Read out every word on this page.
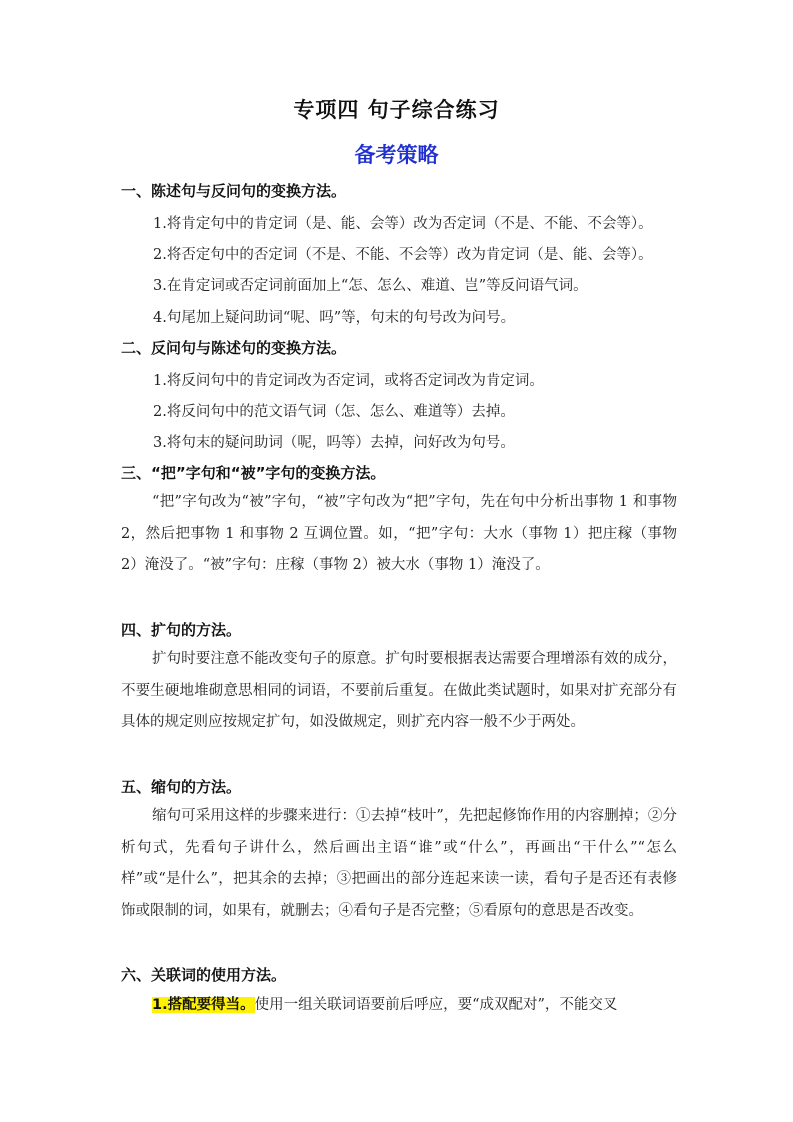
专项四 句子综合练习
备考策略
一、陈述句与反问句的变换方法。
1.将肯定句中的肯定词（是、能、会等）改为否定词（不是、不能、不会等）。
2.将否定句中的否定词（不是、不能、不会等）改为肯定词（是、能、会等）。
3.在肯定词或否定词前面加上“怎、怎么、难道、岂”等反问语气词。
4.句尾加上疑问助词“呢、吗”等，句末的句号改为问号。
二、反问句与陈述句的变换方法。
1.将反问句中的肯定词改为否定词，或将否定词改为肯定词。
2.将反问句中的范文语气词（怎、怎么、难道等）去掉。
3.将句末的疑问助词（呢，吗等）去掉，问好改为句号。
三、“把”字句和“被”字句的变换方法。
“把”字句改为“被”字句，“被”字句改为“把”字句，先在句中分析出事物 1 和事物 2，然后把事物 1 和事物 2 互调位置。如，“把”字句：大水（事物 1）把庄稼（事物 2）淹没了。“被”字句：庄稼（事物 2）被大水（事物 1）淹没了。
四、扩句的方法。
扩句时要注意不能改变句子的原意。扩句时要根据表达需要合理增添有效的成分，不要生硬地堆砌意思相同的词语，不要前后重复。在做此类试题时，如果对扩充部分有具体的规定则应按规定扩句，如没做规定，则扩充内容一般不少于两处。
五、缩句的方法。
缩句可采用这样的步骤来进行：①去掉“枝叶”，先把起修饰作用的内容删掉；②分析句式，先看句子讲什么，然后画出主语“谁”或“什么”，再画出“干什么”“怎么样”或“是什么”，把其余的去掉；③把画出的部分连起来读一读，看句子是否还有表修饰或限制的词，如果有，就删去；④看句子是否完整；⑤看原句的意思是否改变。
六、关联词的使用方法。
1.搭配要得当。使用一组关联词语要前后呼应，要“成双配对”，不能交叉
